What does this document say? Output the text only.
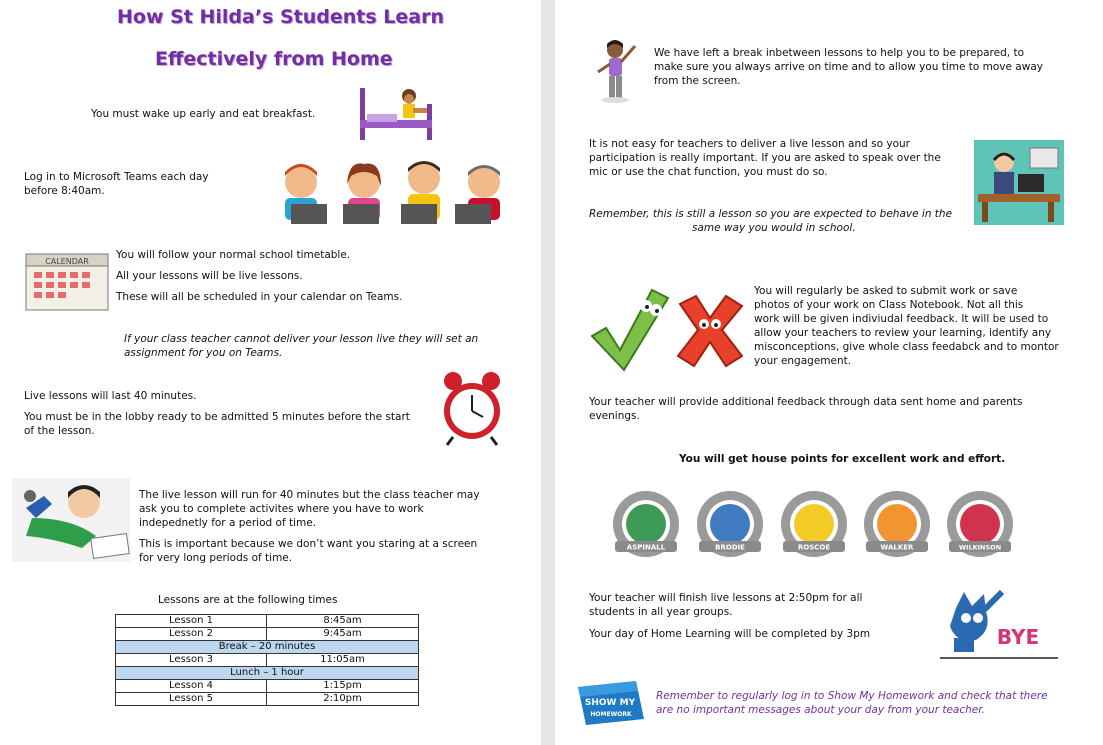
How St Hilda’s Students Learn
Effectively from Home
You must wake up early and eat breakfast.
Log in to Microsoft Teams each day
before 8:40am.
CALENDAR
You will follow your normal school timetable.
All your lessons will be live lessons.
These will all be scheduled in your calendar on Teams.
If your class teacher cannot deliver your lesson live they will set an
assignment for you on Teams.
Live lessons will last 40 minutes.
You must be in the lobby ready to be admitted 5 minutes before the start
of the lesson.
The live lesson will run for 40 minutes but the class teacher may
ask you to complete activites where you have to work
indepednetly for a period of time.
This is important because we don’t want you staring at a screen
for very long periods of time.
Lessons are at the following times
Lesson 1	8:45am
Lesson 2	9:45am
Break – 20 minutes	
Lesson 3	11:05am
Lunch – 1 hour	
Lesson 4	1:15pm
Lesson 5	2:10pm
We have left a break inbetween lessons to help you to be prepared, to
make sure you always arrive on time and to allow you time to move away
from the screen.
It is not easy for teachers to deliver a live lesson and so your
participation is really important. If you are asked to speak over the
mic or use the chat function, you must do so.
Remember, this is still a lesson so you are expected to behave in the
same way you would in school.
You will regularly be asked to submit work or save
photos of your work on Class Notebook. Not all this
work will be given indiviudal feedback. It will be used to
allow your teachers to review your learning, identify any
misconceptions, give whole class feedabck and to montor
your engagement.
Your teacher will provide additional feedback through data sent home and parents
evenings.
You will get house points for excellent work and effort.
ASPINALL	BRODIE	ROSCOE	WALKER	WILKINSON
Your teacher will finish live lessons at 2:50pm for all
students in all year groups.
Your day of Home Learning will be completed by 3pm	BYE
SHOW MY
HOMEWORK
Remember to regularly log in to Show My Homework and check that there
are no important messages about your day from your teacher.
